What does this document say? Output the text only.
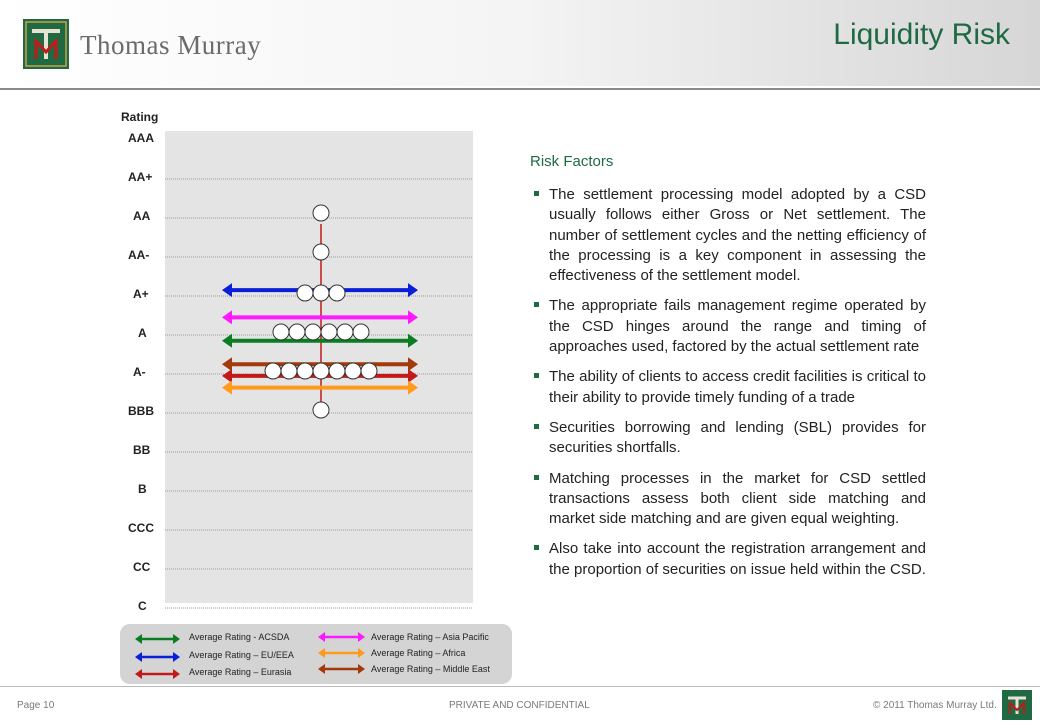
Thomas Murray	Liquidity Risk
Rating
AAA
AA+
AA
AA-
A+
A
A-
BBB
BB
B
CCC
CC
C
Average Rating - ACSDA
Average Rating – EU/EEA
Average Rating – Eurasia
Average Rating – Asia Pacific
Average Rating – Africa
Average Rating – Middle East
Risk Factors
The settlement processing model adopted by a CSD usually follows either Gross or Net settlement. The number of settlement cycles and the netting efficiency of the processing is a key component in assessing the effectiveness of the settlement model.
The appropriate fails management regime operated by the CSD hinges around the range and timing of approaches used, factored by the actual settlement rate
The ability of clients to access credit facilities is critical to their ability to provide timely funding of a trade
Securities borrowing and lending (SBL) provides for securities shortfalls.
Matching processes in the market for CSD settled transactions assess both client side matching and market side matching and are given equal weighting.
Also take into account the registration arrangement and the proportion of securities on issue held within the CSD.
Page 10	PRIVATE AND CONFIDENTIAL	© 2011 Thomas Murray Ltd.
